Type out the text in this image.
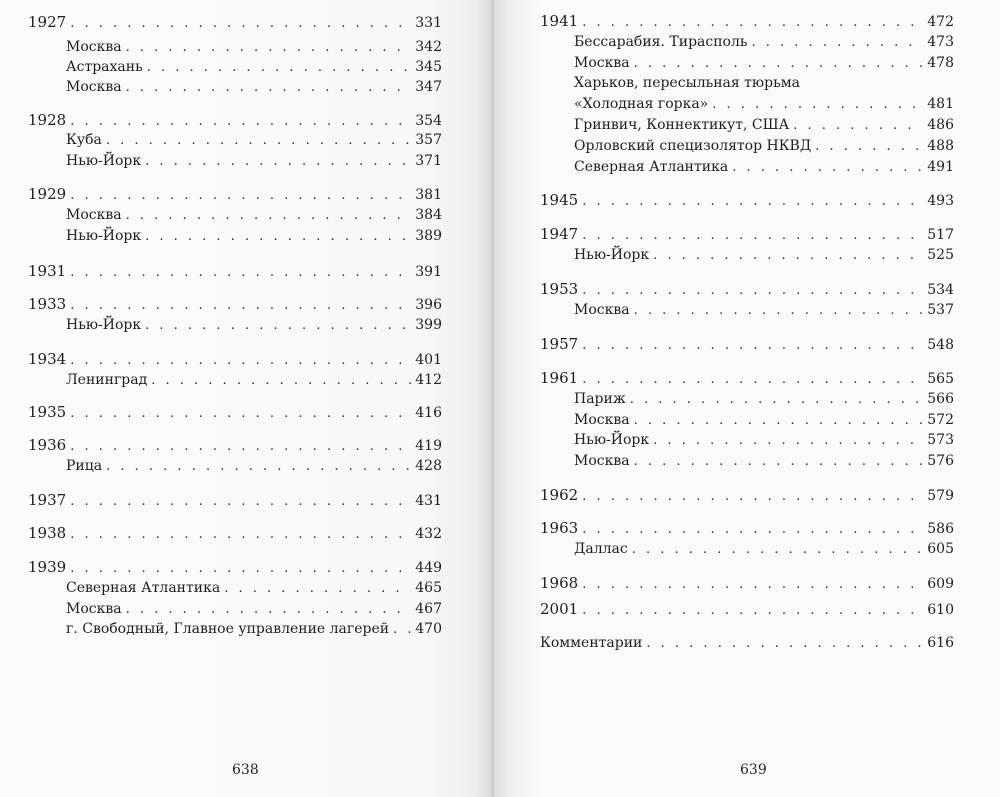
1927 . . .	331
Москва . . .	342
Астрахань . . .	345
Москва . . .	347
1928 . . .	354
Куба . . .	357
Нью-Йорк . . .	371
1929 . . .	381
Москва . . .	384
Нью-Йорк . . .	389
1931 . . .	391
1933 . . .	396
Нью-Йорк . . .	399
1934 . . .	401
Ленинград . . .	412
1935 . . .	416
1936 . . .	419
Рица . . .	428
1937 . . .	431
1938 . . .	432
1939 . . .	449
Северная Атлантика . . .	465
Москва . . .	467
г. Свободный, Главное управление лагерей . . . 470
638
1941 . . .	472
Бессарабия. Тирасполь . . .	473
Москва . . .	478
Харьков, пересыльная тюрьма
«Холодная горка» . . .	481
Гринвич, Коннектикут, США . . .	486
Орловский специзолятор НКВД . . .	488
Северная Атлантика . . .	491
1945 . . .	493
1947 . . .	517
Нью-Йорк . . .	525
1953 . . .	534
Москва . . .	537
1957 . . .	548
1961 . . .	565
Париж . . .	566
Москва . . .	572
Нью-Йорк . . .	573
Москва . . .	576
1962 . . .	579
1963 . . .	586
Даллас . . .	605
1968 . . .	609
2001 . . .	610
Комментарии . . .	616
639
